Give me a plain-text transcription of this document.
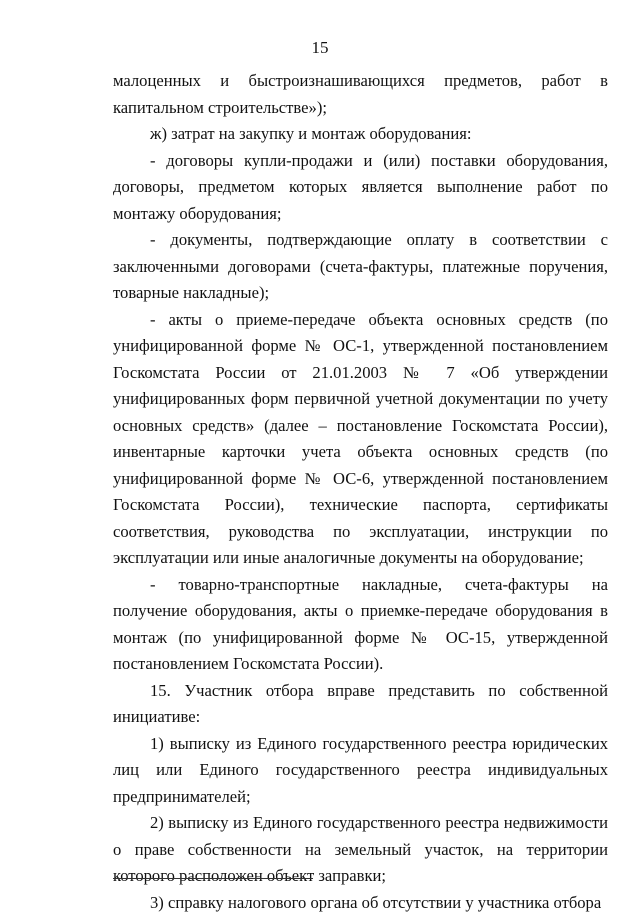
15

малоценных и быстроизнашивающихся предметов, работ в капитальном строительстве»);

ж) затрат на закупку и монтаж оборудования:

- договоры купли-продажи и (или) поставки оборудования, договоры, предметом которых является выполнение работ по монтажу оборудования;

- документы, подтверждающие оплату в соответствии с заключенными договорами (счета-фактуры, платежные поручения, товарные накладные);

- акты о приеме-передаче объекта основных средств (по унифицированной форме № ОС-1, утвержденной постановлением Госкомстата России от 21.01.2003 № 7 «Об утверждении унифицированных форм первичной учетной документации по учету основных средств» (далее – постановление Госкомстата России), инвентарные карточки учета объекта основных средств (по унифицированной форме № ОС-6, утвержденной постановлением Госкомстата России), технические паспорта, сертификаты соответствия, руководства по эксплуатации, инструкции по эксплуатации или иные аналогичные документы на оборудование;

- товарно-транспортные накладные, счета-фактуры на получение оборудования, акты о приемке-передаче оборудования в монтаж (по унифицированной форме № ОС-15, утвержденной постановлением Госкомстата России).

15. Участник отбора вправе представить по собственной инициативе:

1) выписку из Единого государственного реестра юридических лиц или Единого государственного реестра индивидуальных предпринимателей;

2) выписку из Единого государственного реестра недвижимости о праве собственности на земельный участок, на территории которого расположен объект заправки;

3) справку налогового органа об отсутствии у участника отбора
